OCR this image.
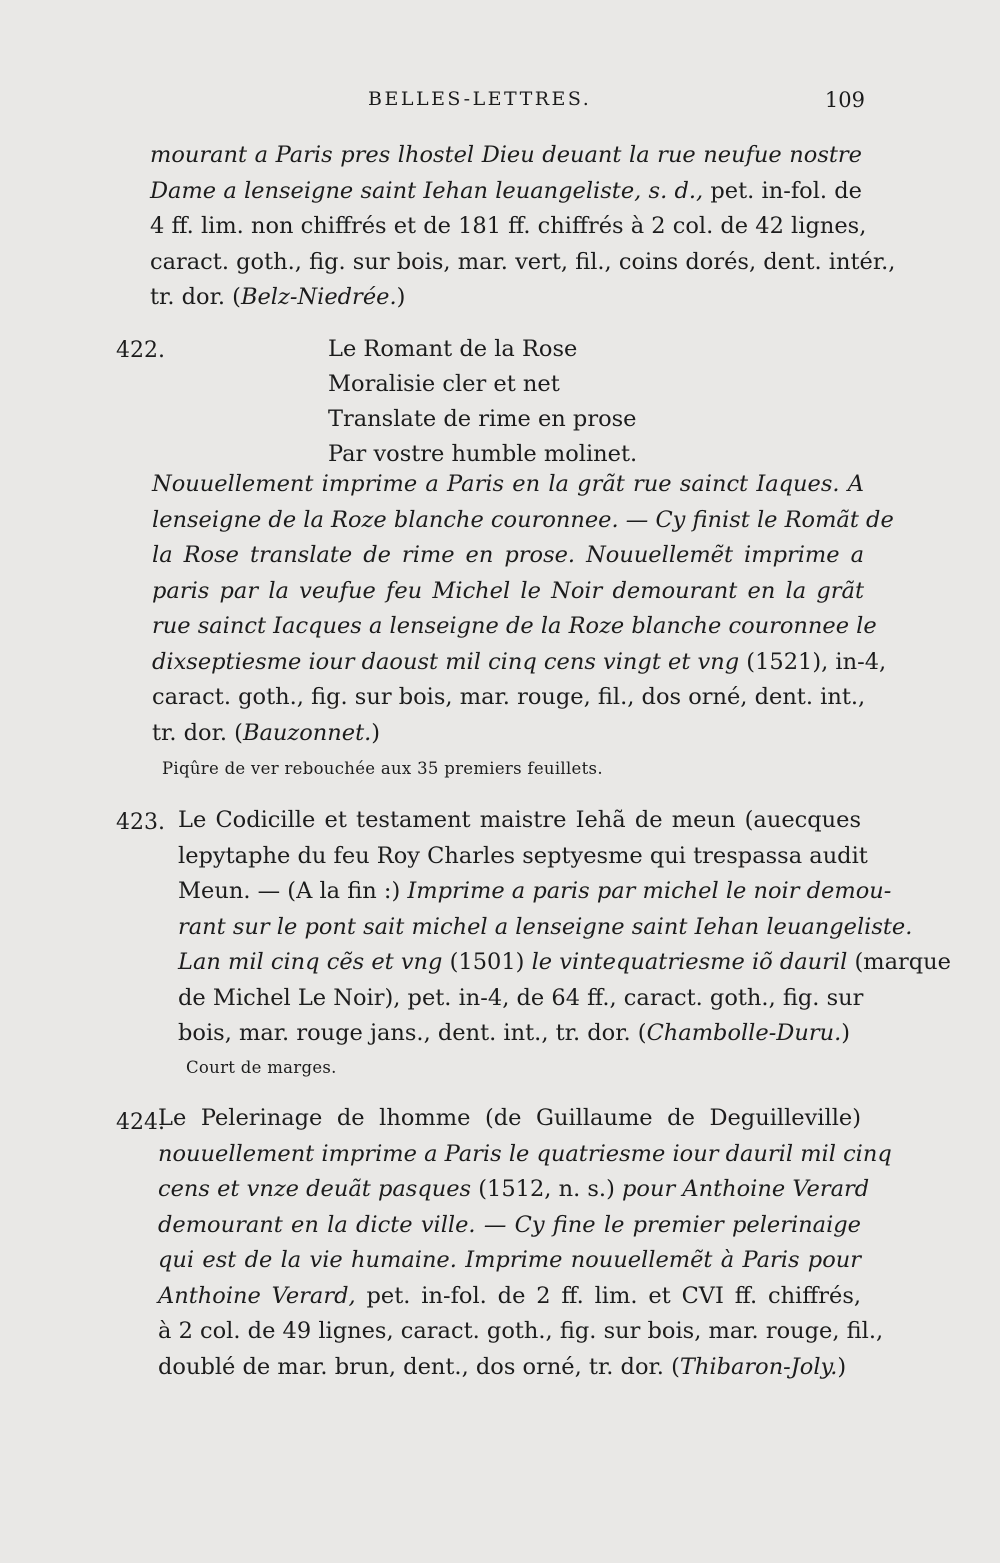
BELLES-LETTRES.	109
mourant a Paris pres lhostel Dieu deuant la rue neufue nostre
Dame a lenseigne saint Iehan leuangeliste, s. d., pet. in-fol. de
4 ff. lim. non chiffrés et de 181 ff. chiffrés à 2 col. de 42 lignes,
caract. goth., fig. sur bois, mar. vert, fil., coins dorés, dent. intér.,
tr. dor. (Belz-Niedrée.)
422.	Le Romant de la Rose
Moralisie cler et net
Translate de rime en prose
Par vostre humble molinet.
Nouuellement imprime a Paris en la grãt rue sainct Iaques. A
lenseigne de la Roze blanche couronnee. — Cy finist le Romãt de
la Rose translate de rime en prose. Nouuellemẽt imprime a
paris par la veufue feu Michel le Noir demourant en la grãt
rue sainct Iacques a lenseigne de la Roze blanche couronnee le
dixseptiesme iour daoust mil cinq cens vingt et vng (1521), in-4,
caract. goth., fig. sur bois, mar. rouge, fil., dos orné, dent. int.,
tr. dor. (Bauzonnet.)
Piqûre de ver rebouchée aux 35 premiers feuillets.
423. Le Codicille et testament maistre Iehã de meun (auecques
lepytaphe du feu Roy Charles septyesme qui trespassa audit
Meun. — (A la fin :) Imprime a paris par michel le noir demou-
rant sur le pont sait michel a lenseigne saint Iehan leuangeliste.
Lan mil cinq cẽs et vng (1501) le vintequatriesme iõ dauril (marque
de Michel Le Noir), pet. in-4, de 64 ff., caract. goth., fig. sur
bois, mar. rouge jans., dent. int., tr. dor. (Chambolle-Duru.)
Court de marges.
424.
Le Pelerinage de lhomme (de Guillaume de Deguilleville)
nouuellement imprime a Paris le quatriesme iour dauril mil cinq
cens et vnze deuãt pasques (1512, n. s.) pour Anthoine Verard
demourant en la dicte ville. — Cy fine le premier pelerinaige
qui est de la vie humaine. Imprime nouuellemẽt à Paris pour
Anthoine Verard, pet. in-fol. de 2 ff. lim. et CVI ff. chiffrés,
à 2 col. de 49 lignes, caract. goth., fig. sur bois, mar. rouge, fil.,
doublé de mar. brun, dent., dos orné, tr. dor. (Thibaron-Joly.)
